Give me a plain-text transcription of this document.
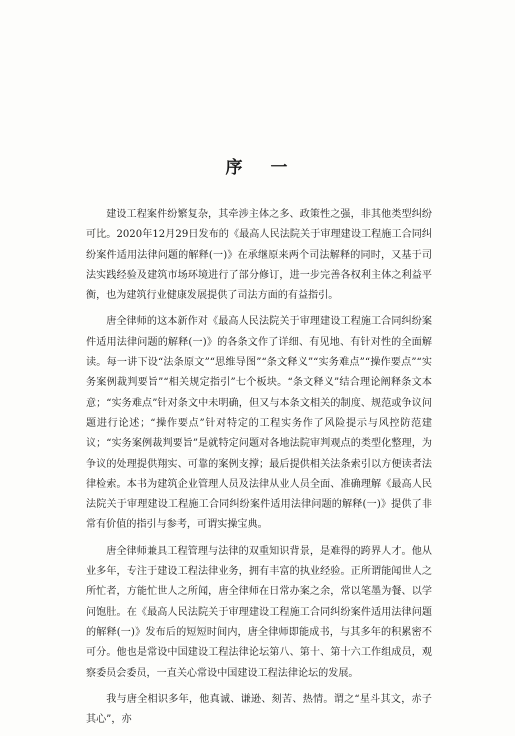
序 一

建设工程案件纷繁复杂，其牵涉主体之多、政策性之强，非其他类型纠纷可比。2020年12月29日发布的《最高人民法院关于审理建设工程施工合同纠纷案件适用法律问题的解释(一)》在承继原来两个司法解释的同时，又基于司法实践经验及建筑市场环境进行了部分修订，进一步完善各权利主体之利益平衡，也为建筑行业健康发展提供了司法方面的有益指引。

唐全律师的这本新作对《最高人民法院关于审理建设工程施工合同纠纷案件适用法律问题的解释(一)》的各条文作了详细、有见地、有针对性的全面解读。每一讲下设“法条原文”“思维导图”“条文释义”“实务难点”“操作要点”“实务案例裁判要旨”“相关规定指引”七个板块。“条文释义”结合理论阐释条文本意；“实务难点”针对条文中未明确，但又与本条文相关的制度、规范或争议问题进行论述；“操作要点”针对特定的工程实务作了风险提示与风控防范建议；“实务案例裁判要旨”是就特定问题对各地法院审判观点的类型化整理，为争议的处理提供翔实、可靠的案例支撑；最后提供相关法条索引以方便读者法律检索。本书为建筑企业管理人员及法律从业人员全面、准确理解《最高人民法院关于审理建设工程施工合同纠纷案件适用法律问题的解释(一)》提供了非常有价值的指引与参考，可谓实操宝典。

唐全律师兼具工程管理与法律的双重知识背景，是难得的跨界人才。他从业多年，专注于建设工程法律业务，拥有丰富的执业经验。正所谓能闻世人之所忙者，方能忙世人之所闻，唐全律师在日常办案之余，常以笔墨为餐、以学问饱肚。在《最高人民法院关于审理建设工程施工合同纠纷案件适用法律问题的解释(一)》发布后的短短时间内，唐全律师即能成书，与其多年的积累密不可分。他也是常设中国建设工程法律论坛第八、第十、第十六工作组成员，观察委员会委员，一直关心常设中国建设工程法律论坛的发展。

我与唐全相识多年，他真诚、谦逊、刻苦、热情。谓之“星斗其文，赤子其心”，亦
